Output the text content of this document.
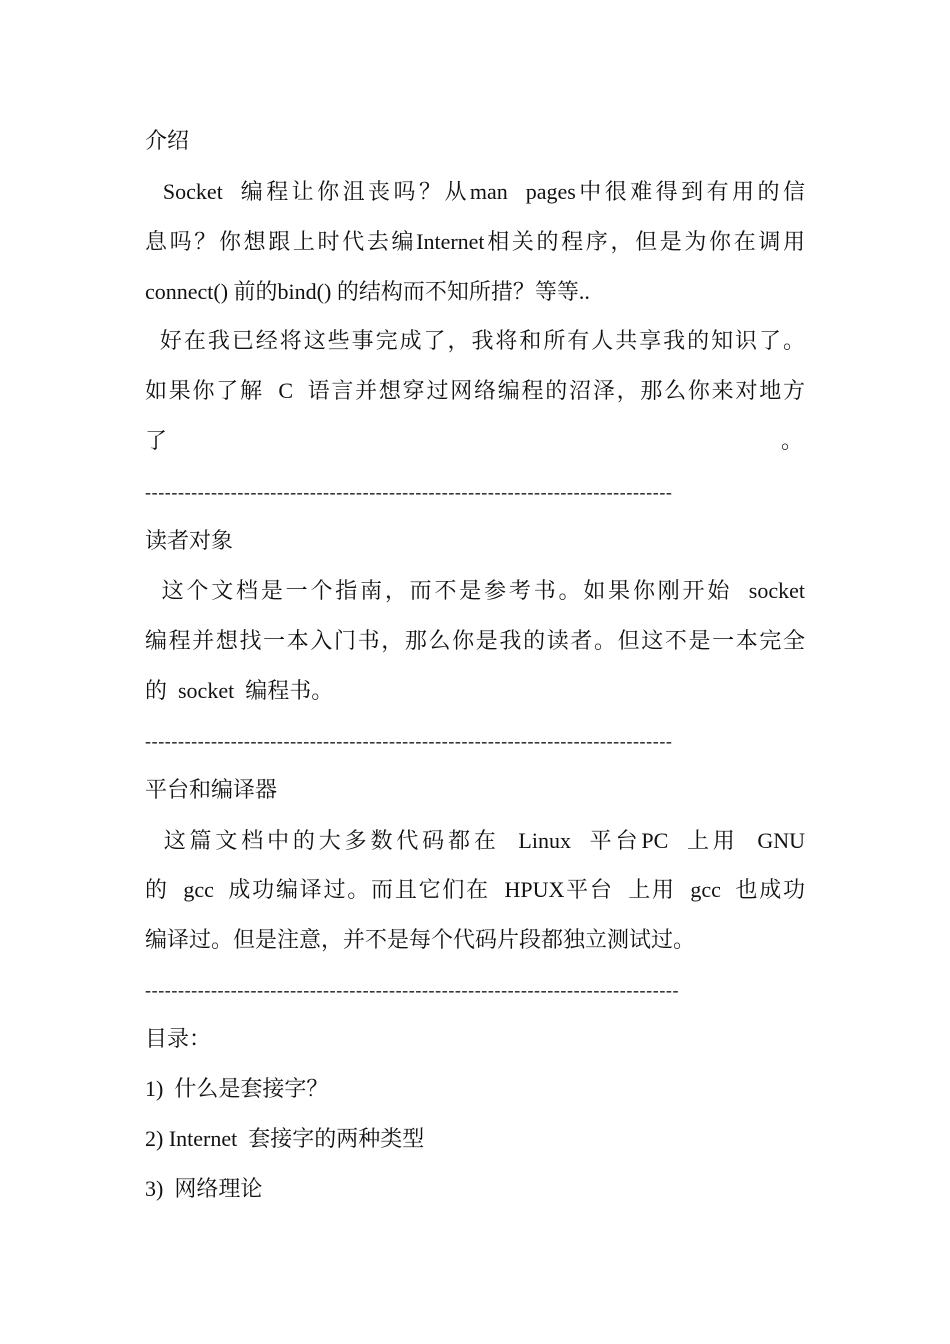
介绍
Socket  编程让你沮丧吗？从man  pages中很难得到有用的信
息吗？你想跟上时代去编Internet相关的程序，但是为你在调用
connect() 前的bind() 的结构而不知所措？等等..
好在我已经将这些事完成了，我将和所有人共享我的知识了。
如果你了解  C  语言并想穿过网络编程的沼泽，那么你来对地方
了	。
--------------------------------------------------------------------------------
读者对象
这个文档是一个指南，而不是参考书。如果你刚开始  socket
编程并想找一本入门书，那么你是我的读者。但这不是一本完全
的  socket  编程书。
--------------------------------------------------------------------------------
平台和编译器
这篇文档中的大多数代码都在  Linux  平台PC  上用  GNU
的  gcc  成功编译过。而且它们在  HPUX平台  上用  gcc  也成功
编译过。但是注意，并不是每个代码片段都独立测试过。
---------------------------------------------------------------------------------
目录：
1)  什么是套接字？
2) Internet  套接字的两种类型
3)  网络理论
